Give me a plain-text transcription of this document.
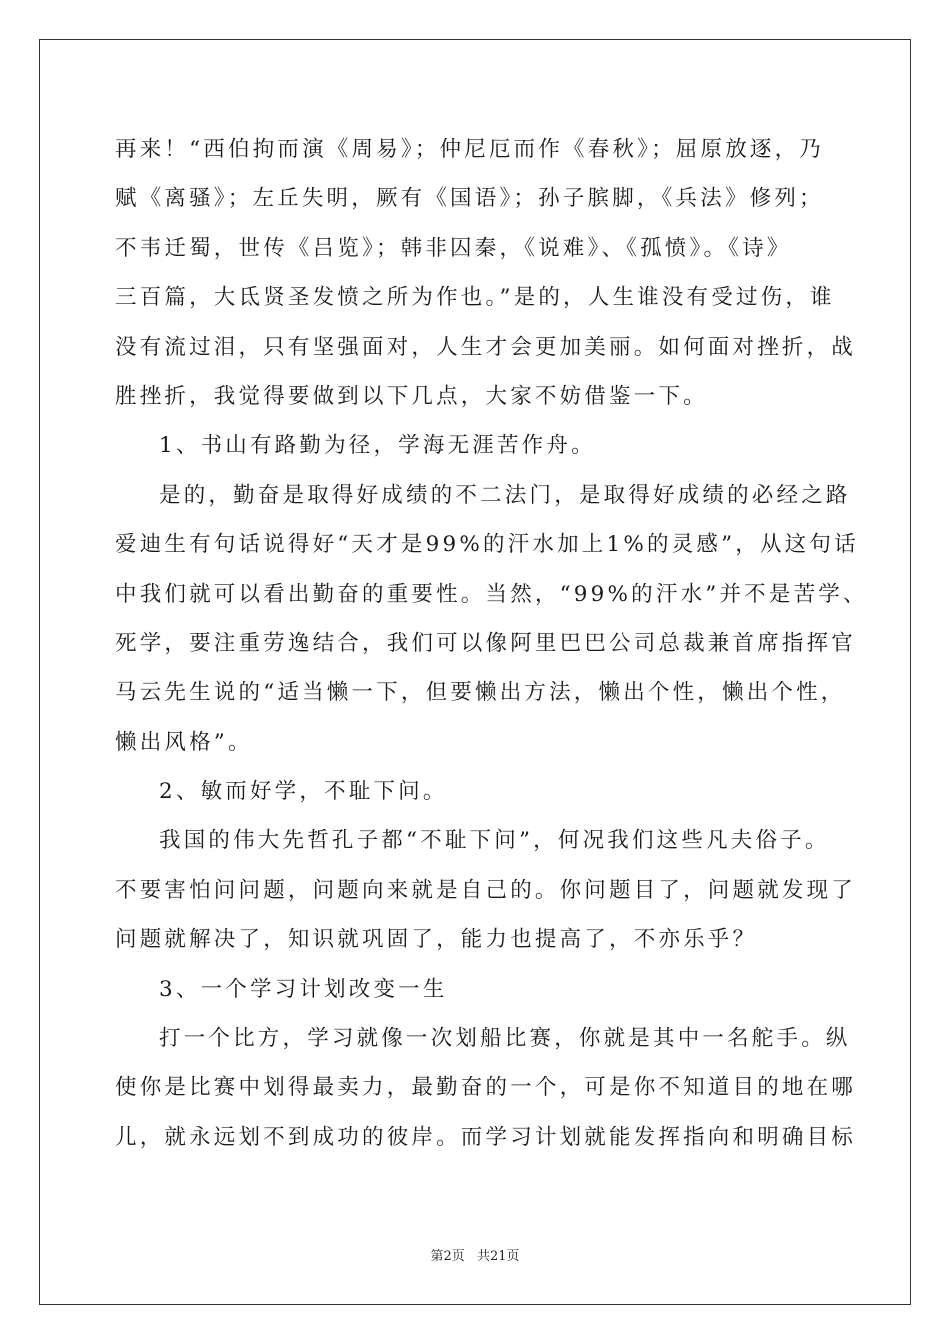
再来！“西伯拘而演《周易》；仲尼厄而作《春秋》；屈原放逐，乃
赋《离骚》；左丘失明，厥有《国语》；孙子膑脚，《兵法》修列；
不韦迁蜀，世传《吕览》；韩非囚秦，《说难》、《孤愤》。《诗》
三百篇，大氐贤圣发愤之所为作也。”是的，人生谁没有受过伤，谁
没有流过泪，只有坚强面对，人生才会更加美丽。如何面对挫折，战
胜挫折，我觉得要做到以下几点，大家不妨借鉴一下。
1、书山有路勤为径，学海无涯苦作舟。
是的，勤奋是取得好成绩的不二法门，是取得好成绩的必经之路
爱迪生有句话说得好“天才是99%的汗水加上1%的灵感”，从这句话
中我们就可以看出勤奋的重要性。当然，“99%的汗水”并不是苦学、
死学，要注重劳逸结合，我们可以像阿里巴巴公司总裁兼首席指挥官
马云先生说的“适当懒一下，但要懒出方法，懒出个性，懒出个性，
懒出风格”。
2、敏而好学，不耻下问。
我国的伟大先哲孔子都“不耻下问”，何况我们这些凡夫俗子。
不要害怕问问题，问题向来就是自己的。你问题目了，问题就发现了
问题就解决了，知识就巩固了，能力也提高了，不亦乐乎？
3、一个学习计划改变一生
打一个比方，学习就像一次划船比赛，你就是其中一名舵手。纵
使你是比赛中划得最卖力，最勤奋的一个，可是你不知道目的地在哪
儿，就永远划不到成功的彼岸。而学习计划就能发挥指向和明确目标
第2页 共21页
